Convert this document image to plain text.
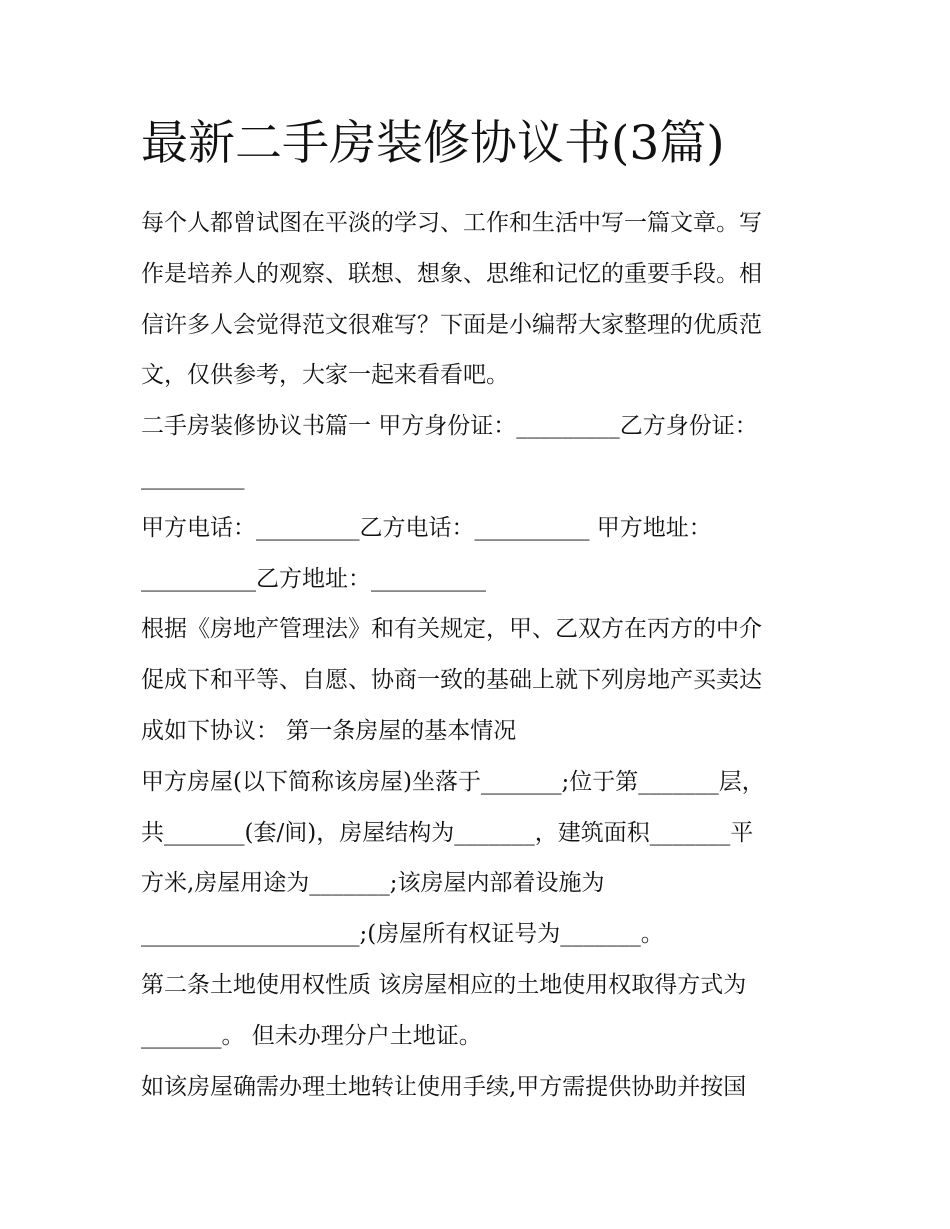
最新二手房装修协议书(3篇)
每个人都曾试图在平淡的学习、工作和生活中写一篇文章。写
作是培养人的观察、联想、想象、思维和记忆的重要手段。相
信许多人会觉得范文很难写？下面是小编帮大家整理的优质范
文，仅供参考，大家一起来看看吧。
二手房装修协议书篇一 甲方身份证：_________乙方身份证：
_________
甲方电话：_________乙方电话：__________ 甲方地址：
__________乙方地址：__________
根据《房地产管理法》和有关规定，甲、乙双方在丙方的中介
促成下和平等、自愿、协商一致的基础上就下列房地产买卖达
成如下协议： 第一条房屋的基本情况
甲方房屋(以下简称该房屋)坐落于_______;位于第_______层，
共_______(套/间)，房屋结构为_______，建筑面积_______平
方米,房屋用途为_______;该房屋内部着设施为
___________________;(房屋所有权证号为_______。
第二条土地使用权性质 该房屋相应的土地使用权取得方式为
_______。 但未办理分户土地证。
如该房屋确需办理土地转让使用手续,甲方需提供协助并按国
